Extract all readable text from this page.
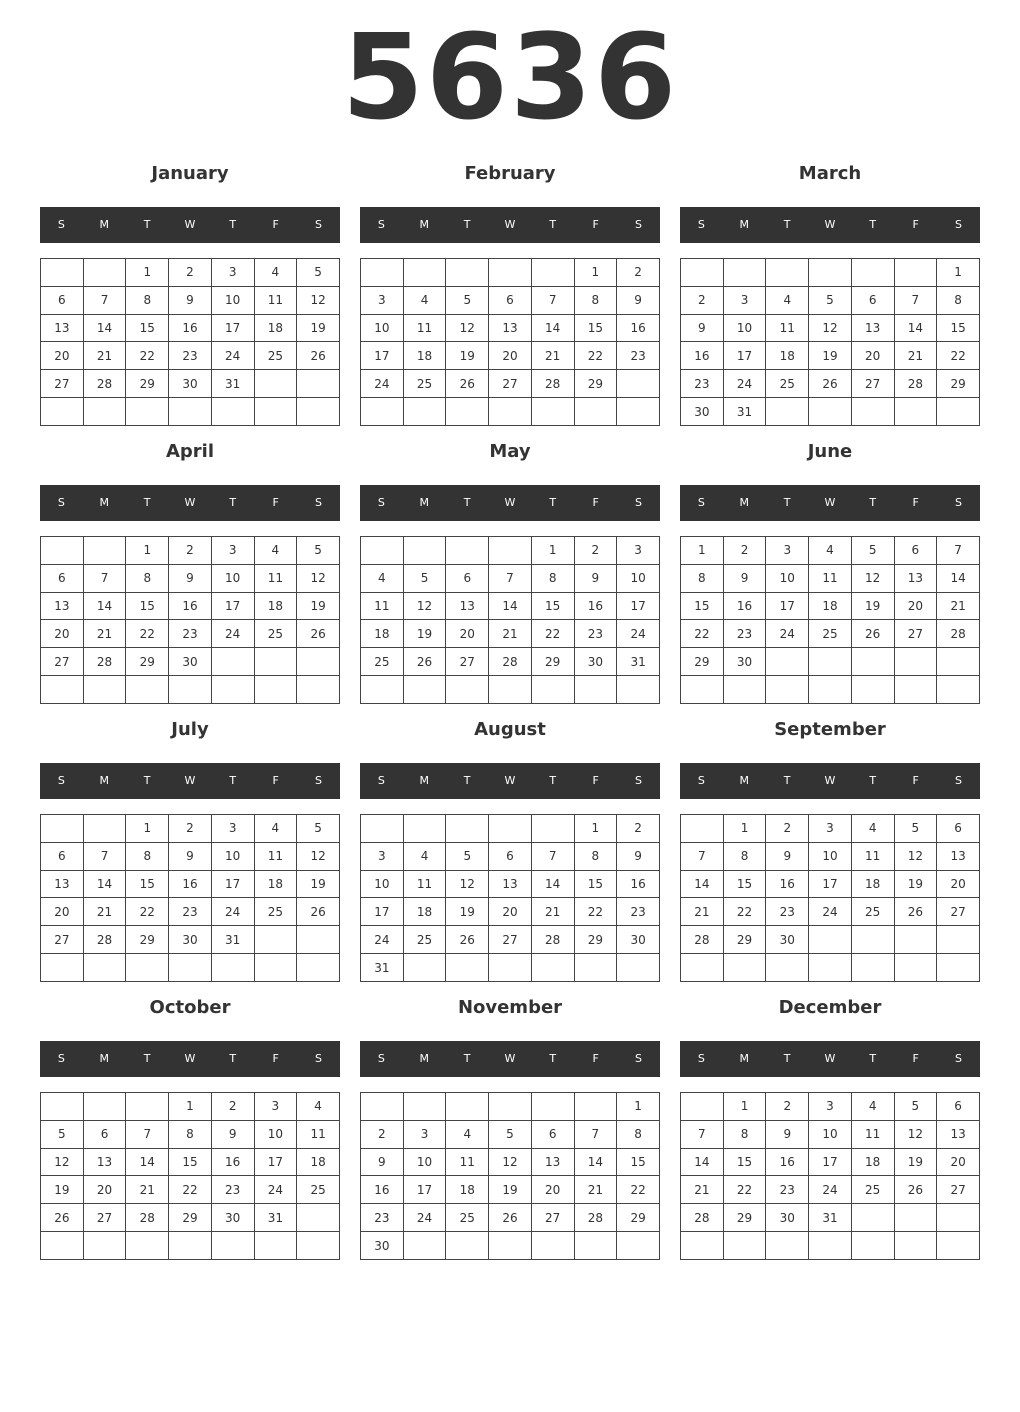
5636
January
S	M	T	W	T	F	S
		1	2	3	4	5
6	7	8	9	10	11	12
13	14	15	16	17	18	19
20	21	22	23	24	25	26
27	28	29	30	31		

February
S	M	T	W	T	F	S
					1	2
3	4	5	6	7	8	9
10	11	12	13	14	15	16
17	18	19	20	21	22	23
24	25	26	27	28	29	

March
S	M	T	W	T	F	S
						1
2	3	4	5	6	7	8
9	10	11	12	13	14	15
16	17	18	19	20	21	22
23	24	25	26	27	28	29
30	31					
April
S	M	T	W	T	F	S
		1	2	3	4	5
6	7	8	9	10	11	12
13	14	15	16	17	18	19
20	21	22	23	24	25	26
27	28	29	30			

May
S	M	T	W	T	F	S
				1	2	3
4	5	6	7	8	9	10
11	12	13	14	15	16	17
18	19	20	21	22	23	24
25	26	27	28	29	30	31

June
S	M	T	W	T	F	S
1	2	3	4	5	6	7
8	9	10	11	12	13	14
15	16	17	18	19	20	21
22	23	24	25	26	27	28
29	30					

July
S	M	T	W	T	F	S
		1	2	3	4	5
6	7	8	9	10	11	12
13	14	15	16	17	18	19
20	21	22	23	24	25	26
27	28	29	30	31		

August
S	M	T	W	T	F	S
					1	2
3	4	5	6	7	8	9
10	11	12	13	14	15	16
17	18	19	20	21	22	23
24	25	26	27	28	29	30
31						
September
S	M	T	W	T	F	S
	1	2	3	4	5	6
7	8	9	10	11	12	13
14	15	16	17	18	19	20
21	22	23	24	25	26	27
28	29	30				

October
S	M	T	W	T	F	S
			1	2	3	4
5	6	7	8	9	10	11
12	13	14	15	16	17	18
19	20	21	22	23	24	25
26	27	28	29	30	31	

November
S	M	T	W	T	F	S
						1
2	3	4	5	6	7	8
9	10	11	12	13	14	15
16	17	18	19	20	21	22
23	24	25	26	27	28	29
30						
December
S	M	T	W	T	F	S
	1	2	3	4	5	6
7	8	9	10	11	12	13
14	15	16	17	18	19	20
21	22	23	24	25	26	27
28	29	30	31			
